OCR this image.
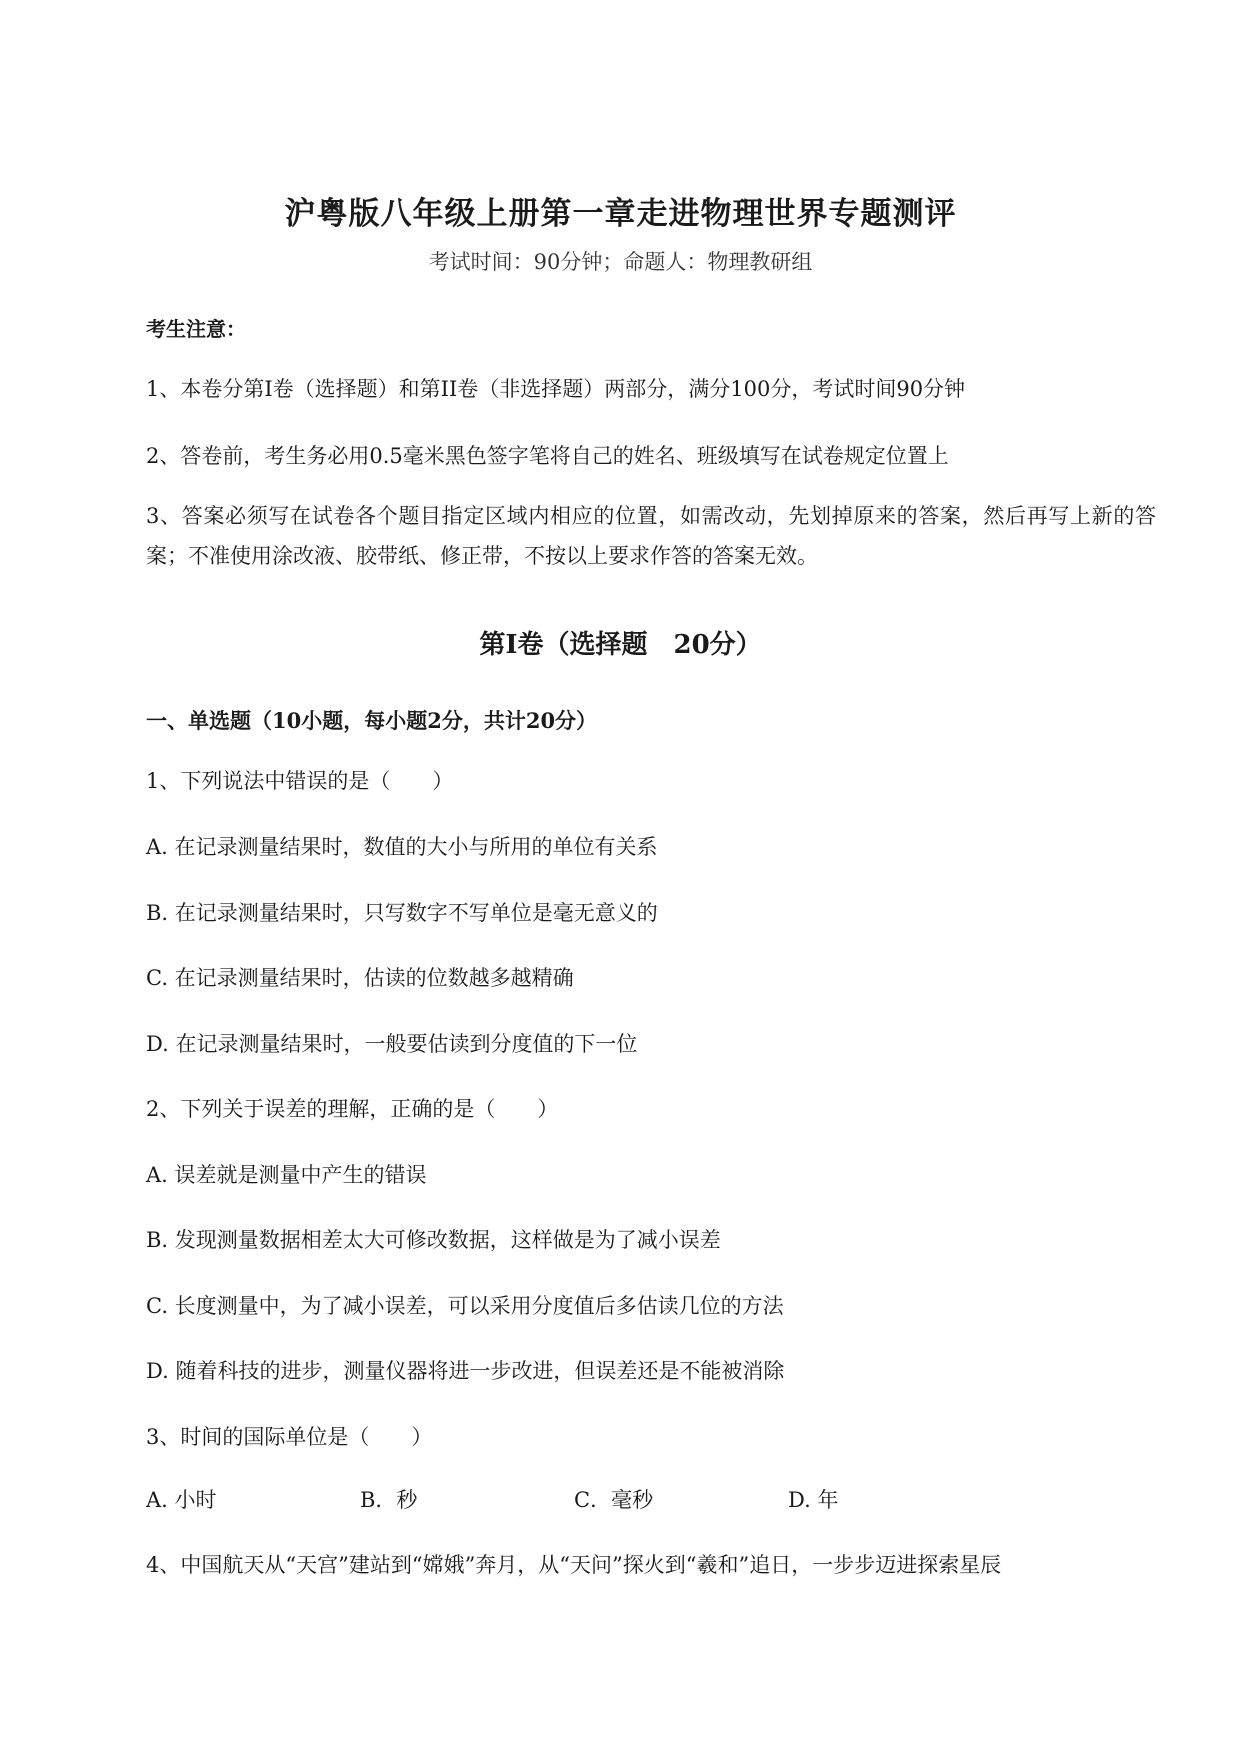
沪粤版八年级上册第一章走进物理世界专题测评
考试时间：90分钟；命题人：物理教研组
考生注意：
1、本卷分第I卷（选择题）和第II卷（非选择题）两部分，满分100分，考试时间90分钟
2、答卷前，考生务必用0.5毫米黑色签字笔将自己的姓名、班级填写在试卷规定位置上
3、答案必须写在试卷各个题目指定区域内相应的位置，如需改动，先划掉原来的答案，然后再写上新的答案；不准使用涂改液、胶带纸、修正带，不按以上要求作答的答案无效。
第I卷（选择题　20分）
一、单选题（10小题，每小题2分，共计20分）
1、下列说法中错误的是（　　）
A. 在记录测量结果时，数值的大小与所用的单位有关系
B. 在记录测量结果时，只写数字不写单位是毫无意义的
C. 在记录测量结果时，估读的位数越多越精确
D. 在记录测量结果时，一般要估读到分度值的下一位
2、下列关于误差的理解，正确的是（　　）
A. 误差就是测量中产生的错误
B. 发现测量数据相差太大可修改数据，这样做是为了减小误差
C. 长度测量中，为了减小误差，可以采用分度值后多估读几位的方法
D. 随着科技的进步，测量仪器将进一步改进，但误差还是不能被消除
3、时间的国际单位是（　　）
A. 小时	B．秒	C．毫秒	D. 年
4、中国航天从“天宫”建站到“嫦娥”奔月，从“天问”探火到“羲和”追日，一步步迈进探索星辰
